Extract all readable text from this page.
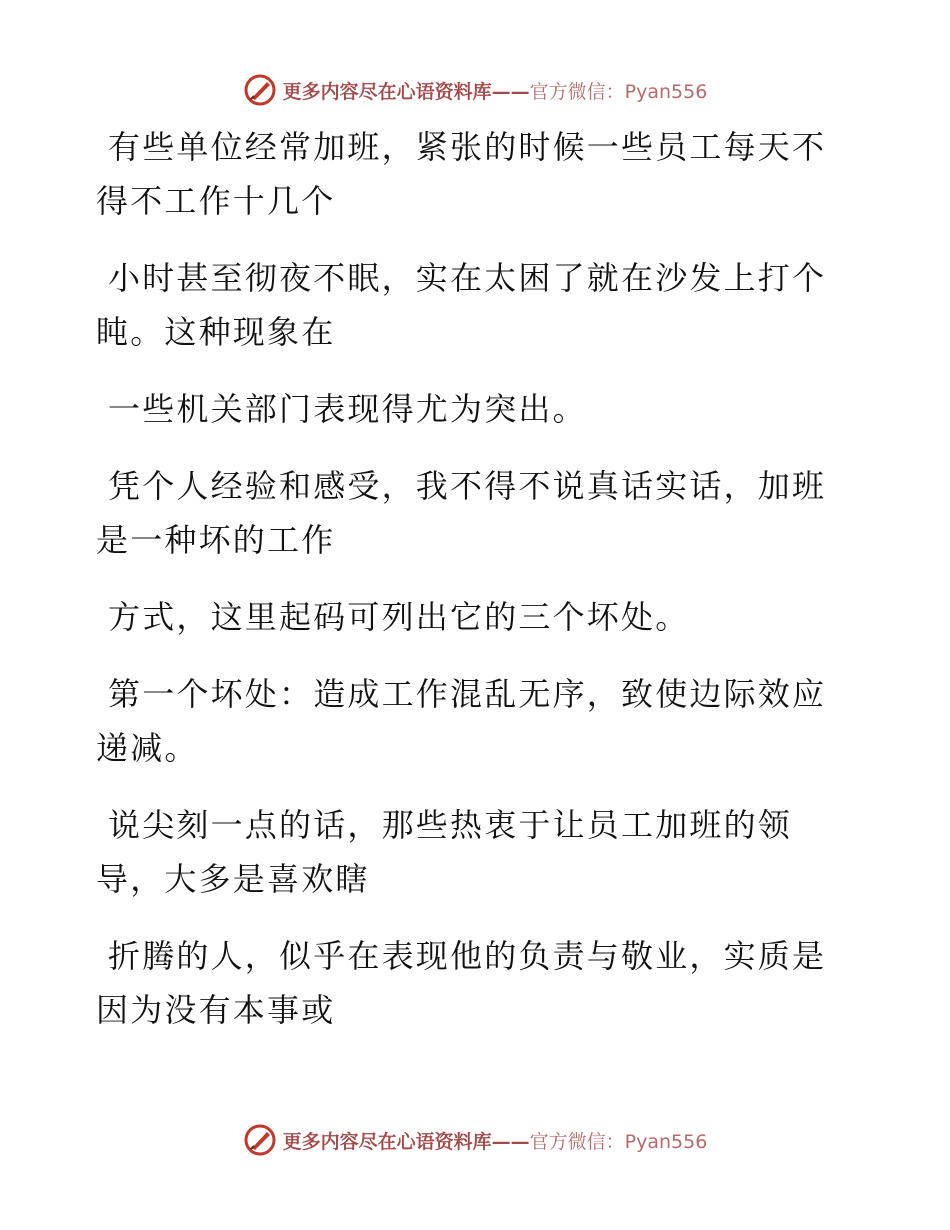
更多内容尽在心语资料库——官方微信：Pyan556

有些单位经常加班，紧张的时候一些员工每天不得不工作十几个

小时甚至彻夜不眠，实在太困了就在沙发上打个盹。这种现象在

一些机关部门表现得尤为突出。

凭个人经验和感受，我不得不说真话实话，加班是一种坏的工作

方式，这里起码可列出它的三个坏处。

第一个坏处：造成工作混乱无序，致使边际效应递减。

说尖刻一点的话，那些热衷于让员工加班的领导，大多是喜欢瞎

折腾的人，似乎在表现他的负责与敬业，实质是因为没有本事或

更多内容尽在心语资料库——官方微信：Pyan556
